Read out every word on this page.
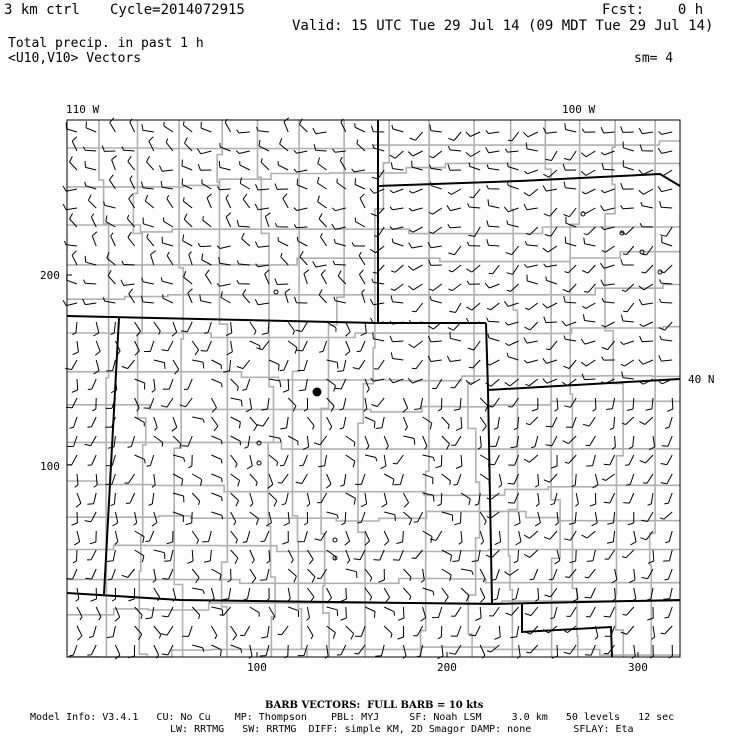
3 km ctrl Cycle=2014072915	Fcst:    0 h
Valid: 15 UTC Tue 29 Jul 14 (09 MDT Tue 29 Jul 14)
Total precip. in past 1 h
<U10,V10> Vectors	sm= 4
110 W	100 W
40 N
200
100
100	200	300
BARB VECTORS:  FULL BARB = 10 kts
Model Info: V3.4.1   CU: No Cu    MP: Thompson    PBL: MYJ     SF: Noah LSM     3.0 km   50 levels   12 sec
LW: RRTMG   SW: RRTMG  DIFF: simple KM, 2D Smagor DAMP: none       SFLAY: Eta
